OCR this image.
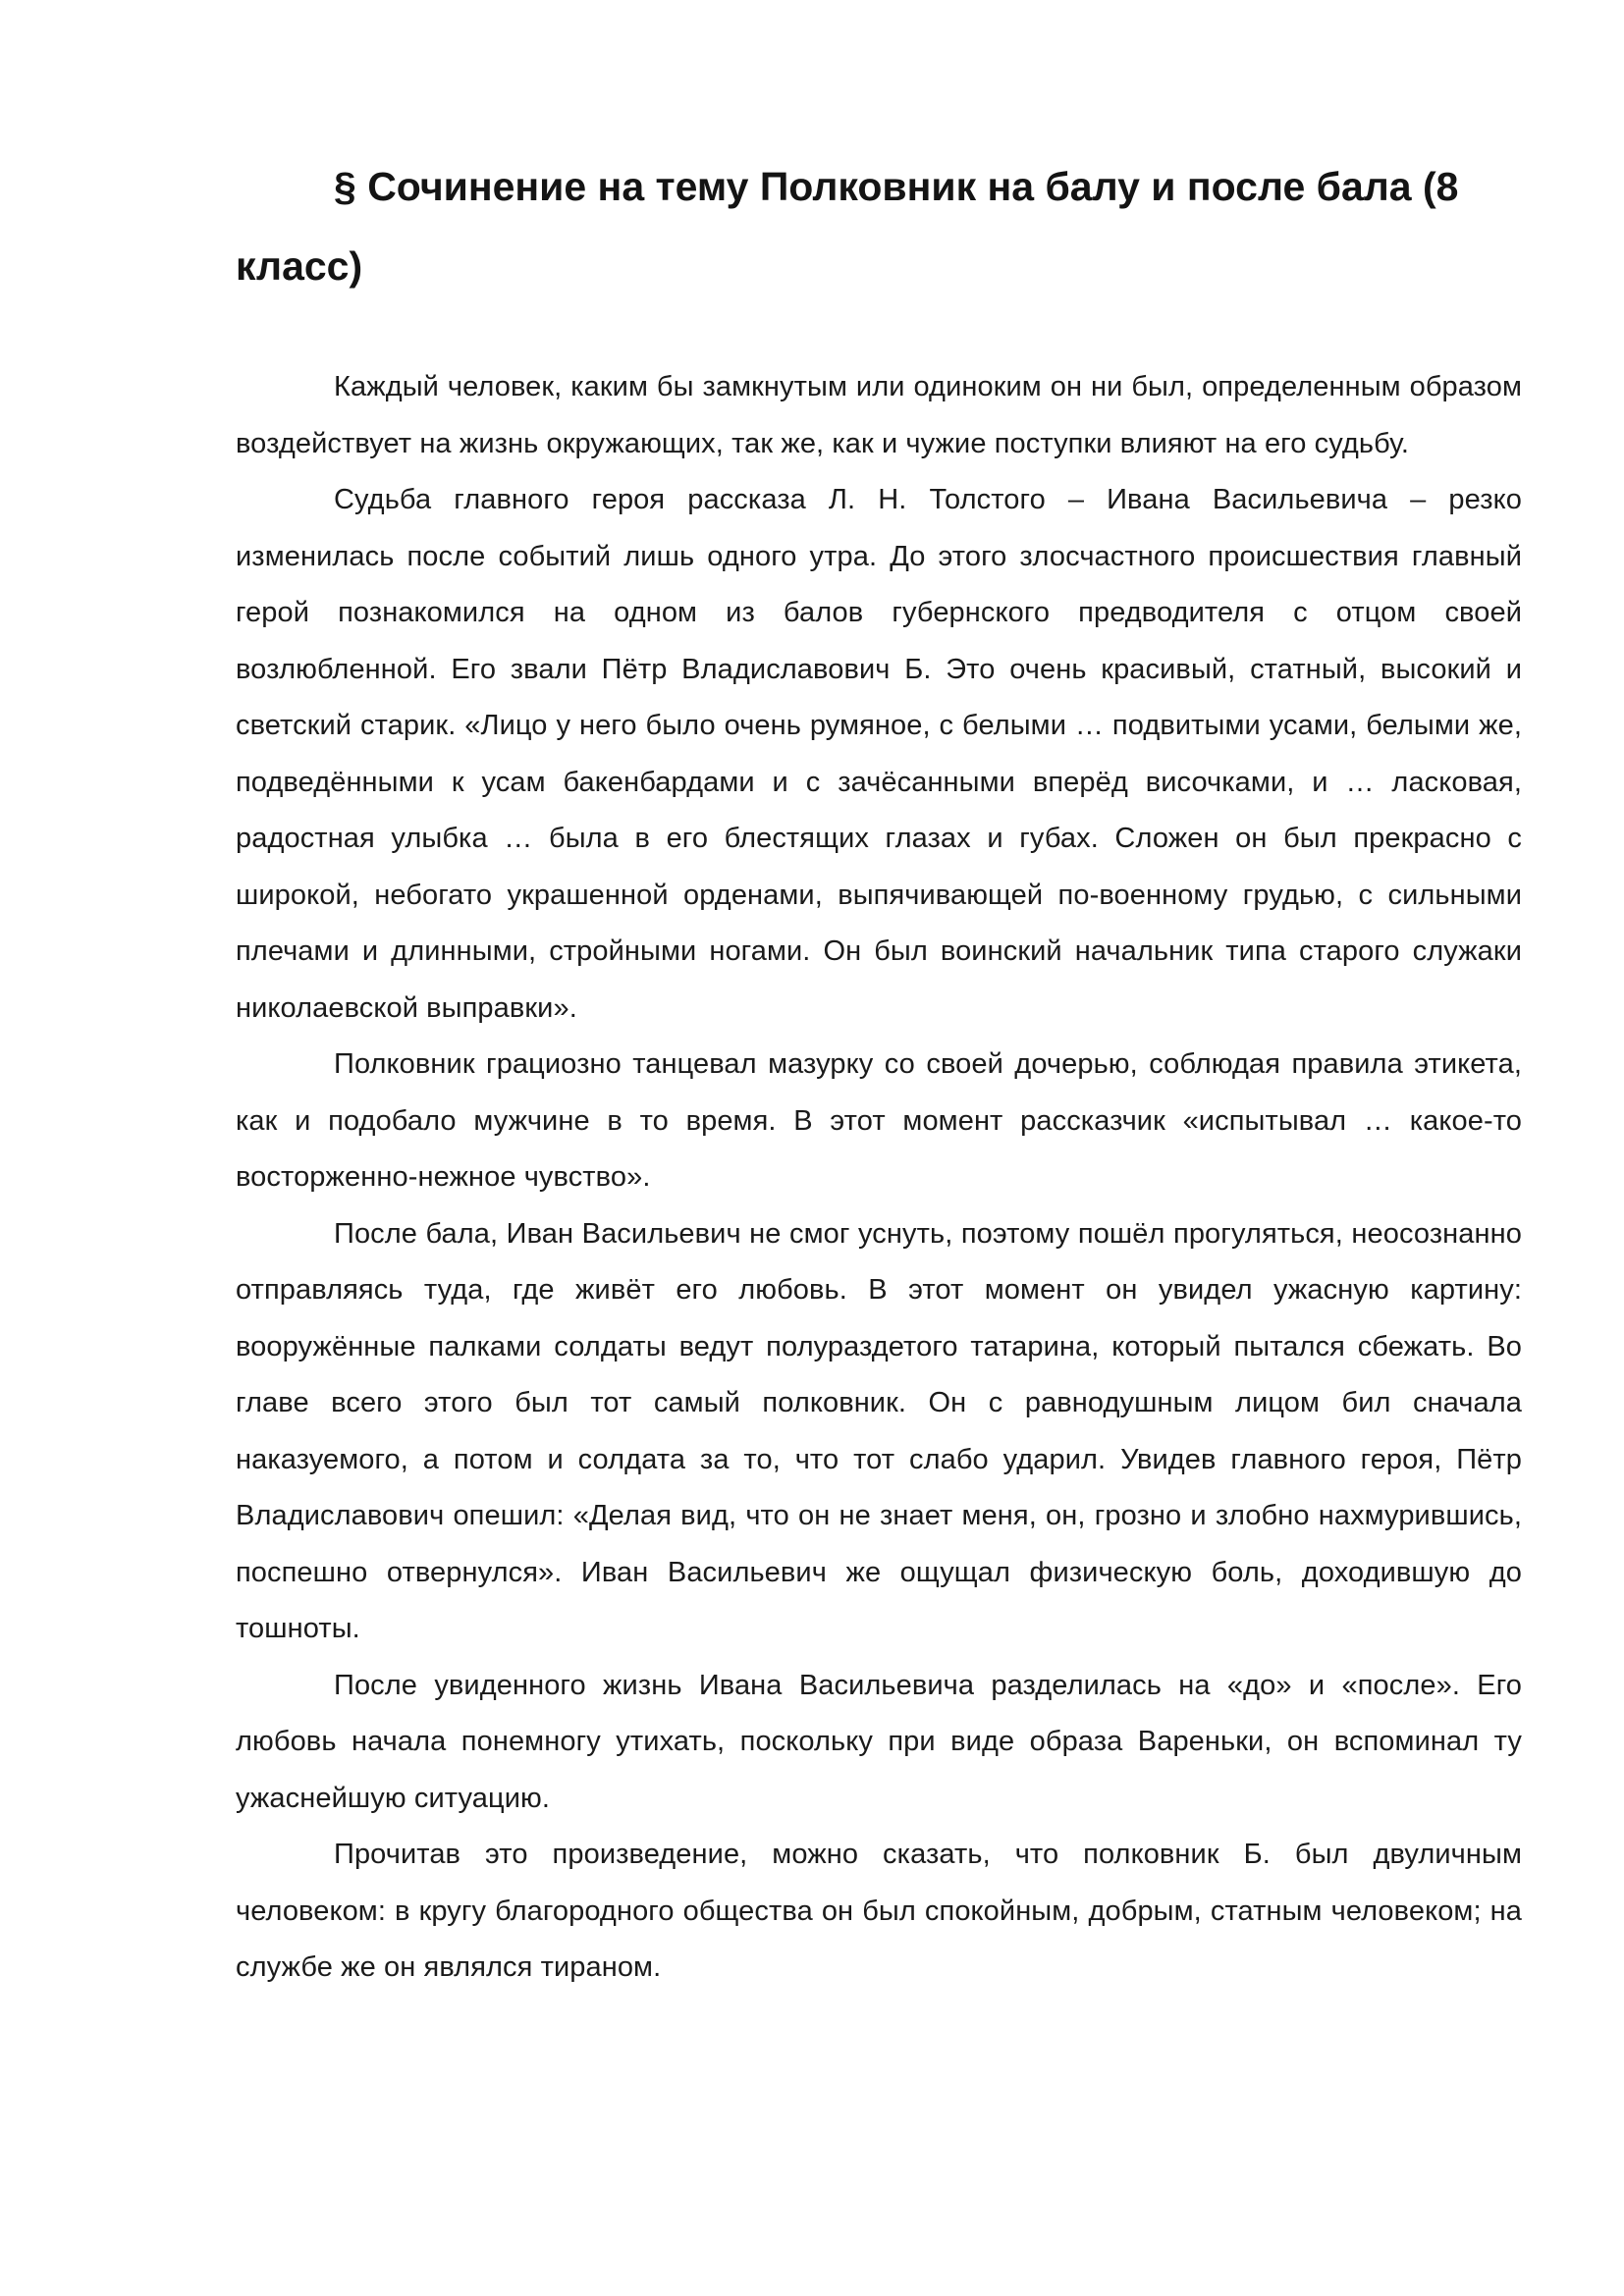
§ Сочинение на тему Полковник на балу и после бала (8 класс)

Каждый человек, каким бы замкнутым или одиноким он ни был, определенным образом воздействует на жизнь окружающих, так же, как и чужие поступки влияют на его судьбу.

Судьба главного героя рассказа Л. Н. Толстого – Ивана Васильевича – резко изменилась после событий лишь одного утра. До этого злосчастного происшествия главный герой познакомился на одном из балов губернского предводителя с отцом своей возлюбленной. Его звали Пётр Владиславович Б. Это очень красивый, статный, высокий и светский старик. «Лицо у него было очень румяное, с белыми … подвитыми усами, белыми же, подведёнными к усам бакенбардами и с зачёсанными вперёд височками, и … ласковая, радостная улыбка … была в его блестящих глазах и губах. Сложен он был прекрасно с широкой, небогато украшенной орденами, выпячивающей по-военному грудью, с сильными плечами и длинными, стройными ногами. Он был воинский начальник типа старого служаки николаевской выправки».

Полковник грациозно танцевал мазурку со своей дочерью, соблюдая правила этикета, как и подобало мужчине в то время. В этот момент рассказчик «испытывал … какое-то восторженно-нежное чувство».

После бала, Иван Васильевич не смог уснуть, поэтому пошёл прогуляться, неосознанно отправляясь туда, где живёт его любовь. В этот момент он увидел ужасную картину: вооружённые палками солдаты ведут полураздетого татарина, который пытался сбежать. Во главе всего этого был тот самый полковник. Он с равнодушным лицом бил сначала наказуемого, а потом и солдата за то, что тот слабо ударил. Увидев главного героя, Пётр Владиславович опешил: «Делая вид, что он не знает меня, он, грозно и злобно нахмурившись, поспешно отвернулся». Иван Васильевич же ощущал физическую боль, доходившую до тошноты.

После увиденного жизнь Ивана Васильевича разделилась на «до» и «после». Его любовь начала понемногу утихать, поскольку при виде образа Вареньки, он вспоминал ту ужаснейшую ситуацию.

Прочитав это произведение, можно сказать, что полковник Б. был двуличным человеком: в кругу благородного общества он был спокойным, добрым, статным человеком; на службе же он являлся тираном.
